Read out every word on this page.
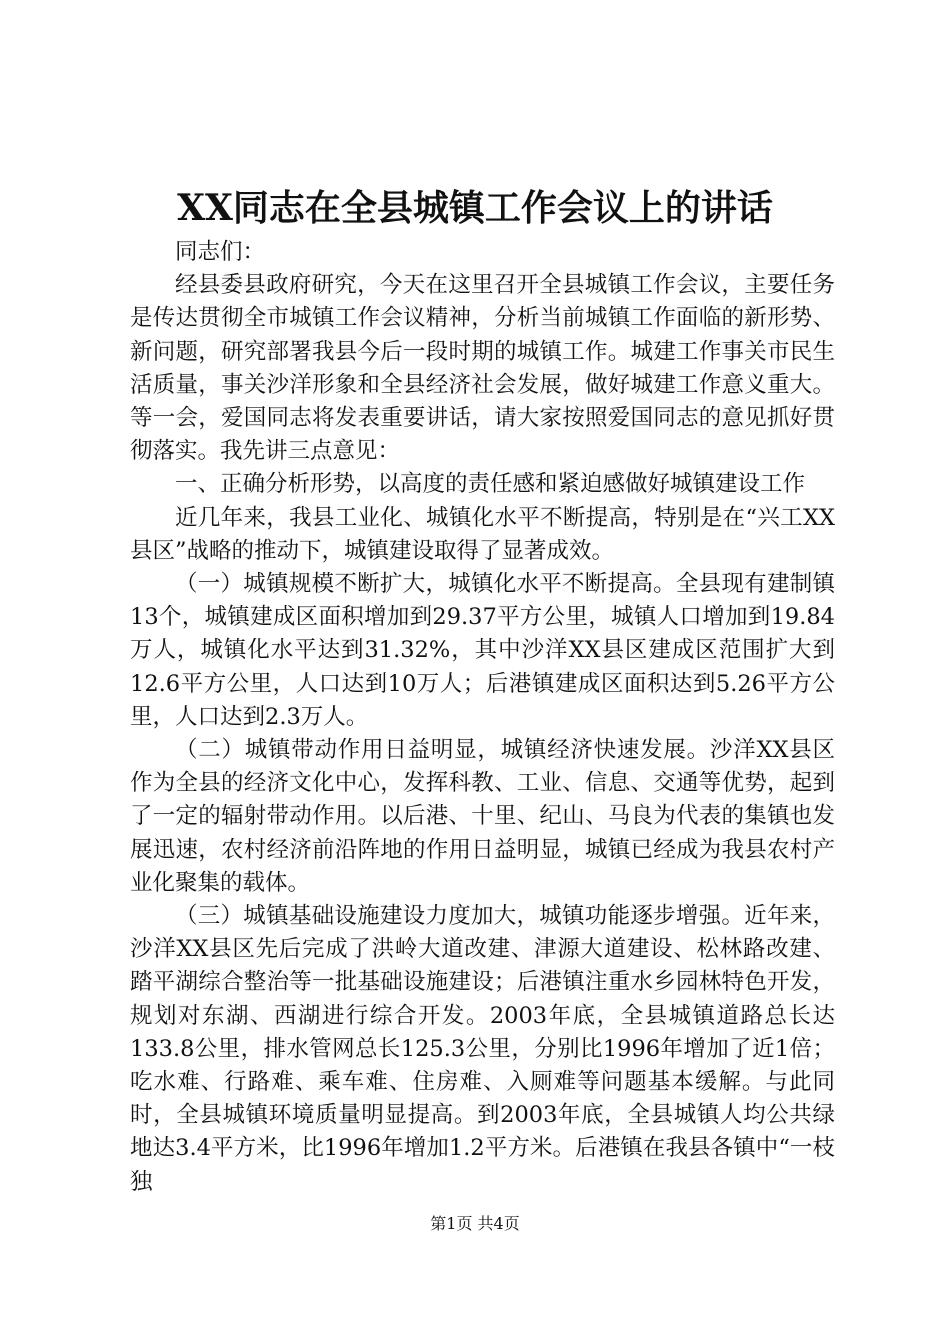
XX同志在全县城镇工作会议上的讲话

同志们：

经县委县政府研究，今天在这里召开全县城镇工作会议，主要任务是传达贯彻全市城镇工作会议精神，分析当前城镇工作面临的新形势、新问题，研究部署我县今后一段时期的城镇工作。城建工作事关市民生活质量，事关沙洋形象和全县经济社会发展，做好城建工作意义重大。等一会，爱国同志将发表重要讲话，请大家按照爱国同志的意见抓好贯彻落实。我先讲三点意见：

一、正确分析形势，以高度的责任感和紧迫感做好城镇建设工作

近几年来，我县工业化、城镇化水平不断提高，特别是在“兴工XX县区”战略的推动下，城镇建设取得了显著成效。

（一）城镇规模不断扩大，城镇化水平不断提高。全县现有建制镇13个，城镇建成区面积增加到29.37平方公里，城镇人口增加到19.84万人，城镇化水平达到31.32%，其中沙洋XX县区建成区范围扩大到12.6平方公里，人口达到10万人；后港镇建成区面积达到5.26平方公里，人口达到2.3万人。

（二）城镇带动作用日益明显，城镇经济快速发展。沙洋XX县区作为全县的经济文化中心，发挥科教、工业、信息、交通等优势，起到了一定的辐射带动作用。以后港、十里、纪山、马良为代表的集镇也发展迅速，农村经济前沿阵地的作用日益明显，城镇已经成为我县农村产业化聚集的载体。

（三）城镇基础设施建设力度加大，城镇功能逐步增强。近年来，沙洋XX县区先后完成了洪岭大道改建、津源大道建设、松林路改建、踏平湖综合整治等一批基础设施建设；后港镇注重水乡园林特色开发，规划对东湖、西湖进行综合开发。2003年底，全县城镇道路总长达133.8公里，排水管网总长125.3公里，分别比1996年增加了近1倍；吃水难、行路难、乘车难、住房难、入厕难等问题基本缓解。与此同时，全县城镇环境质量明显提高。到2003年底，全县城镇人均公共绿地达3.4平方米，比1996年增加1.2平方米。后港镇在我县各镇中“一枝独

第1页 共4页
